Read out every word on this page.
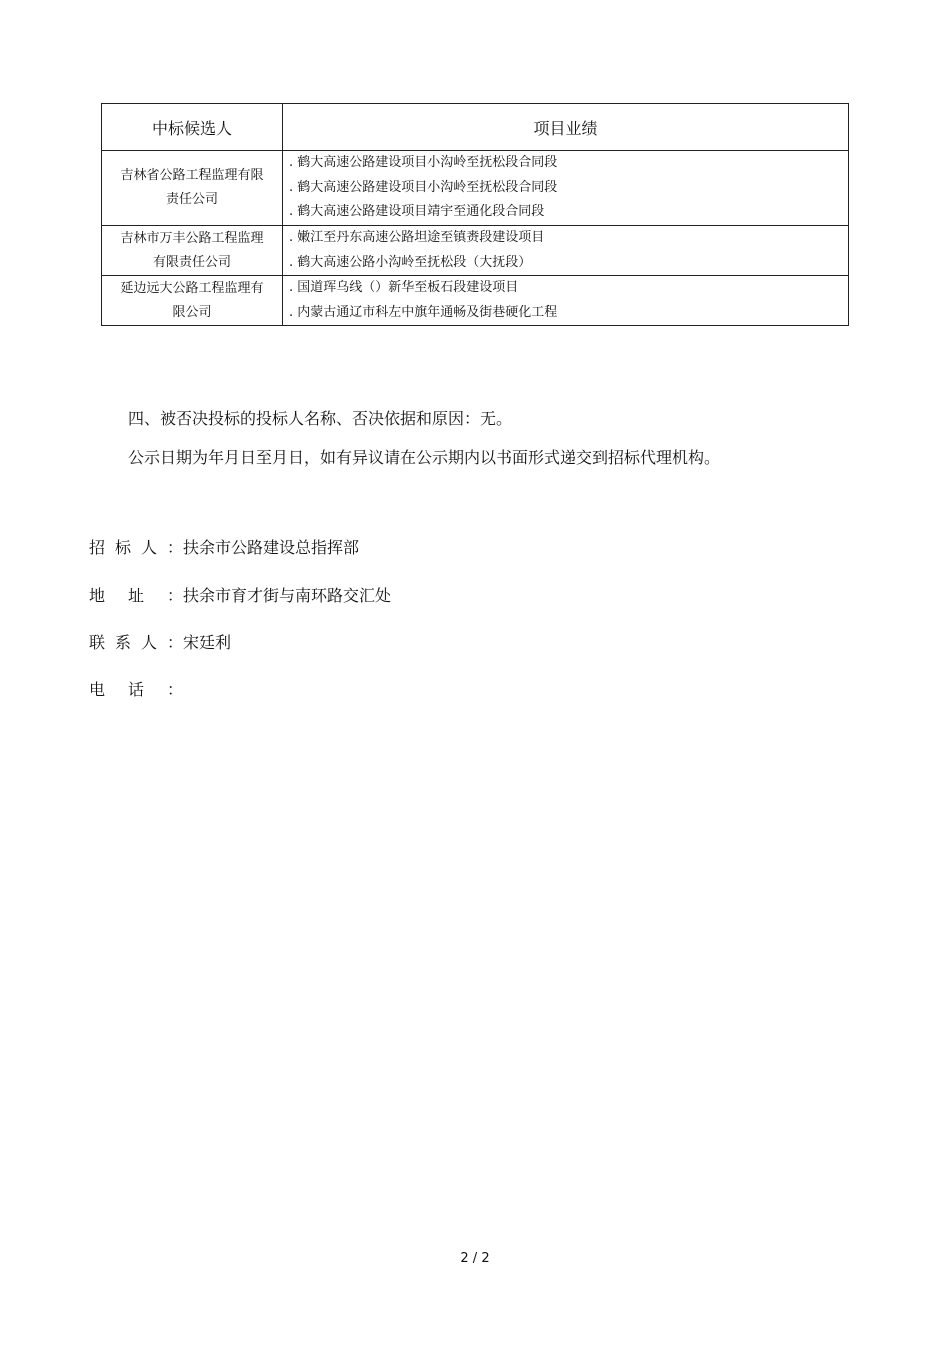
中标候选人	项目业绩

吉林省公路工程监理有限责任公司	. 鹤大高速公路建设项目小沟岭至抚松段合同段
. 鹤大高速公路建设项目小沟岭至抚松段合同段
. 鹤大高速公路建设项目靖宇至通化段合同段

吉林市万丰公路工程监理有限责任公司	. 嫩江至丹东高速公路坦途至镇赉段建设项目
. 鹤大高速公路小沟岭至抚松段（大抚段）

延边远大公路工程监理有限公司	. 国道珲乌线（）新华至板石段建设项目
. 内蒙古通辽市科左中旗年通畅及街巷硬化工程
四、被否决投标的投标人名称、否决依据和原因：无。
公示日期为年月日至月日，如有异议请在公示期内以书面形式递交到招标代理机构。
招标人： 扶余市公路建设总指挥部
地址： 扶余市育才街与南环路交汇处
联系人： 宋廷利
电话：
2 / 2
